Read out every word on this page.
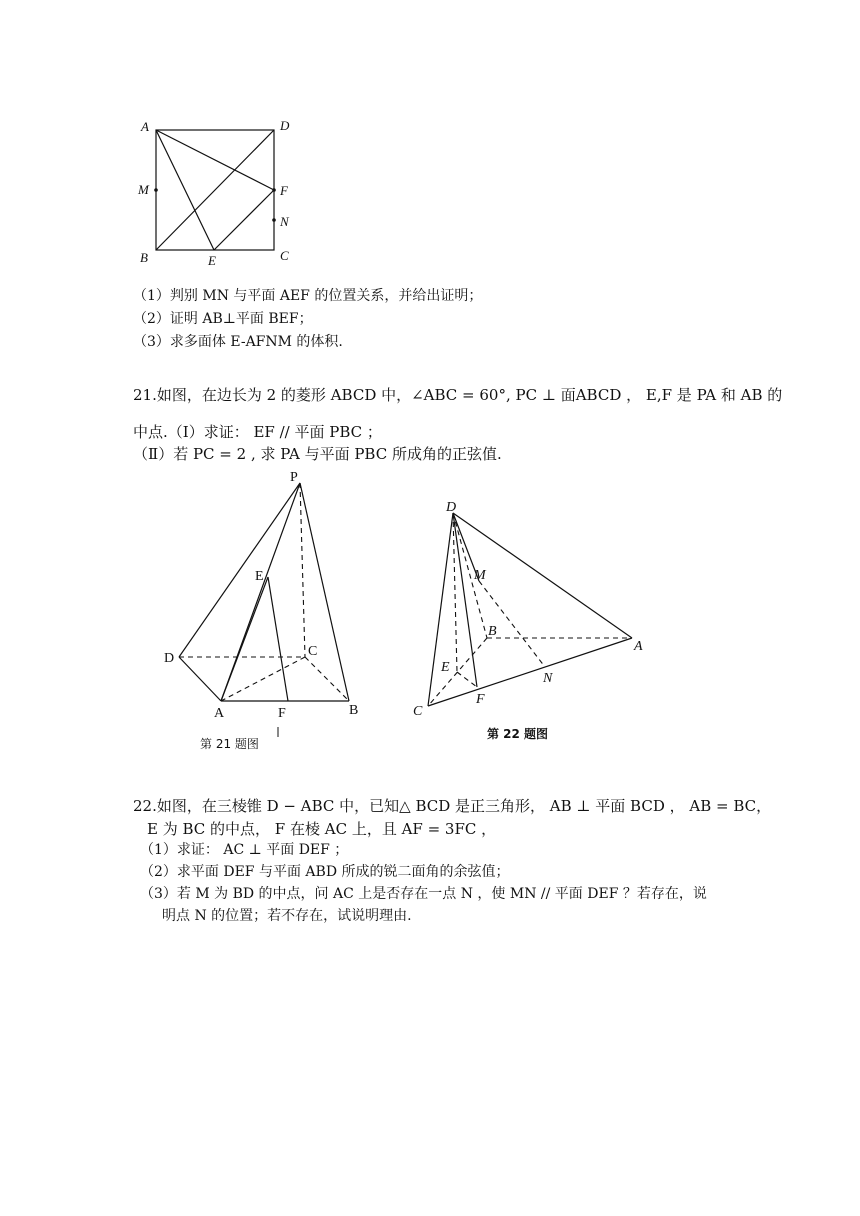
A	D
M	F
N
B	E	C
（1）判别 MN 与平面 AEF 的位置关系，并给出证明；
（2）证明 AB⊥平面 BEF；
（3）求多面体 E-AFNM 的体积.
21.如图，在边长为 2 的菱形 ABCD 中，∠ABC = 60°, PC ⊥ 面ABCD ， E,F 是 PA 和 AB 的
中点.（Ⅰ）求证： EF // 平面 PBC ；
（Ⅱ）若 PC = 2 , 求 PA 与平面 PBC 所成角的正弦值.
P
E
D	C
A	F	B
第 21 题图
D
M
B
A
E
N
F
C
第 22 题图
22.如图，在三棱锥 D − ABC 中，已知△ BCD 是正三角形， AB ⊥ 平面 BCD ， AB = BC，
E 为 BC 的中点， F 在棱 AC 上，且 AF = 3FC ，
（1）求证： AC ⊥ 平面 DEF ；
（2）求平面 DEF 与平面 ABD 所成的锐二面角的余弦值；
（3）若 M 为 BD 的中点，问 AC 上是否存在一点 N ，使 MN // 平面 DEF ？若存在，说
明点 N 的位置；若不存在，试说明理由.
